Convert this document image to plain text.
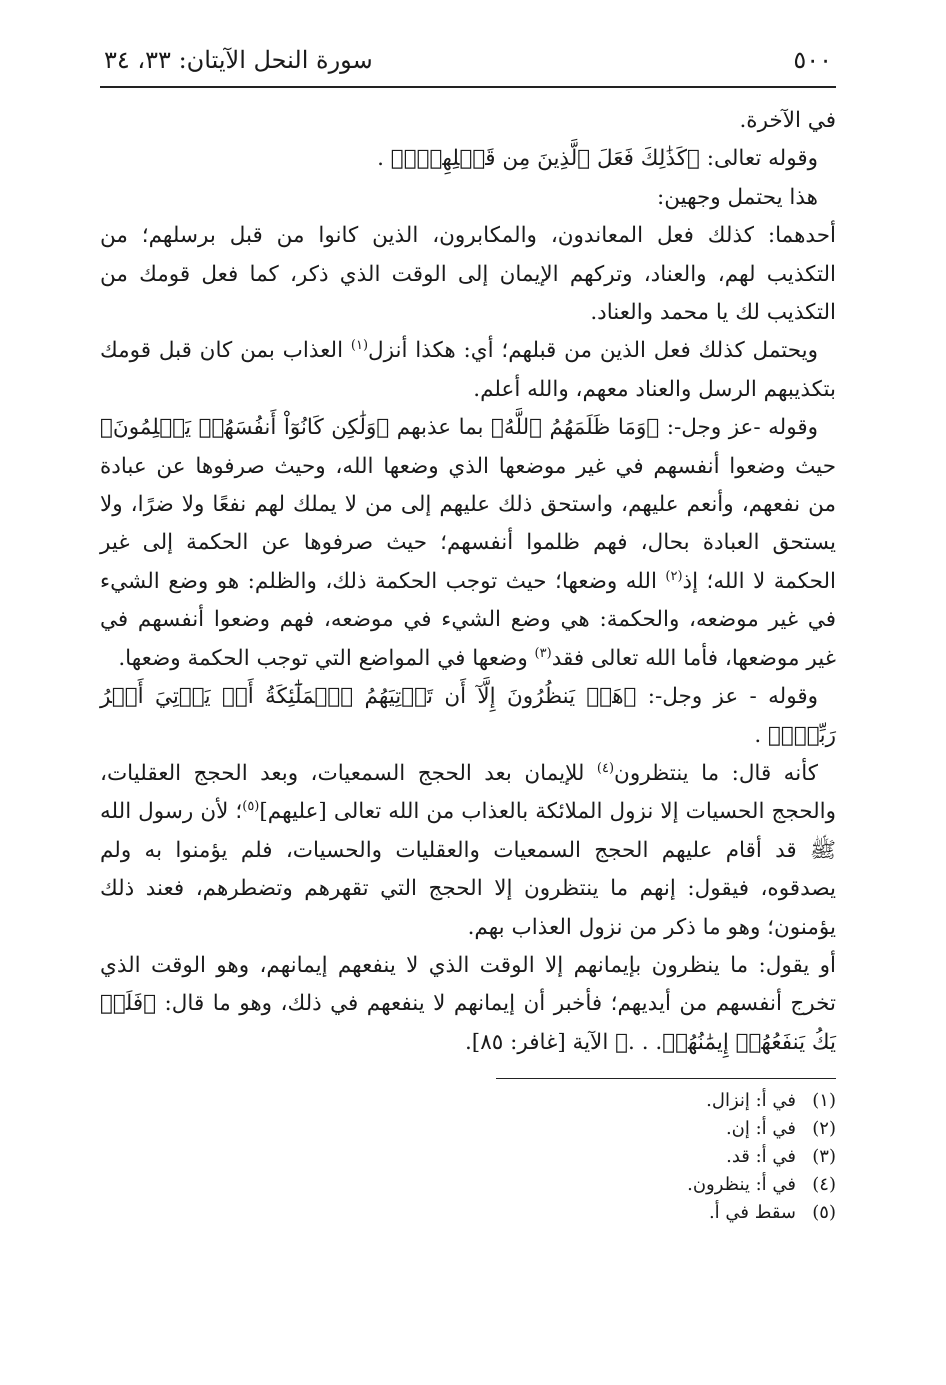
٥٠٠
سورة النحل الآيتان: ٣٣، ٣٤

في الآخرة.

وقوله تعالى: ﴿كَذَٰلِكَ فَعَلَ ٱلَّذِينَ مِن قَبۡلِهِمۡۚ﴾ .

هذا يحتمل وجهين:

أحدهما: كذلك فعل المعاندون، والمكابرون، الذين كانوا من قبل برسلهم؛ من التكذيب لهم، والعناد، وتركهم الإيمان إلى الوقت الذي ذكر، كما فعل قومك من التكذيب لك يا محمد والعناد.

ويحتمل كذلك فعل الذين من قبلهم؛ أي: هكذا أنزل$^{(١)}$ العذاب بمن كان قبل قومك بتكذيبهم الرسل والعناد معهم، والله أعلم.

وقوله -عز وجل-: ﴿وَمَا ظَلَمَهُمُ ٱللَّهُ﴾ بما عذبهم ﴿وَلَٰكِن كَانُوٓاْ أَنفُسَهُمۡ يَظۡلِمُونَ﴾ حيث وضعوا أنفسهم في غير موضعها الذي وضعها الله، وحيث صرفوها عن عبادة من نفعهم، وأنعم عليهم، واستحق ذلك عليهم إلى من لا يملك لهم نفعًا ولا ضرًا، ولا يستحق العبادة بحال، فهم ظلموا أنفسهم؛ حيث صرفوها عن الحكمة إلى غير الحكمة لا الله؛ إذ$^{(٢)}$ الله وضعها؛ حيث توجب الحكمة ذلك، والظلم: هو وضع الشيء في غير موضعه، والحكمة: هي وضع الشيء في موضعه، فهم وضعوا أنفسهم في غير موضعها، فأما الله تعالى فقد$^{(٣)}$ وضعها في المواضع التي توجب الحكمة وضعها.

وقوله - عز وجل-: ﴿هَلۡ يَنظُرُونَ إِلَّآ أَن تَأۡتِيَهُمُ ٱلۡمَلَٰٓئِكَةُ أَوۡ يَأۡتِيَ أَمۡرُ رَبِّكَۚ﴾ .

كأنه قال: ما ينتظرون$^{(٤)}$ للإيمان بعد الحجج السمعيات، وبعد الحجج العقليات، والحجج الحسيات إلا نزول الملائكة بالعذاب من الله تعالى [عليهم]$^{(٥)}$؛ لأن رسول الله ﷺ قد أقام عليهم الحجج السمعيات والعقليات والحسيات، فلم يؤمنوا به ولم يصدقوه، فيقول: إنهم ما ينتظرون إلا الحجج التي تقهرهم وتضطرهم، فعند ذلك يؤمنون؛ وهو ما ذكر من نزول العذاب بهم.

أو يقول: ما ينظرون بإيمانهم إلا الوقت الذي لا ينفعهم إيمانهم، وهو الوقت الذي تخرج أنفسهم من أيديهم؛ فأخبر أن إيمانهم لا ينفعهم في ذلك، وهو ما قال: ﴿فَلَمۡ يَكُ يَنفَعُهُمۡ إِيمَٰنُهُمۡ. . .﴾ الآية [غافر: ٨٥].

(١)
في أ: إنزال.
(٢)
في أ: إن.
(٣)
في أ: قد.
(٤)
في أ: ينظرون.
(٥)
سقط في أ.
